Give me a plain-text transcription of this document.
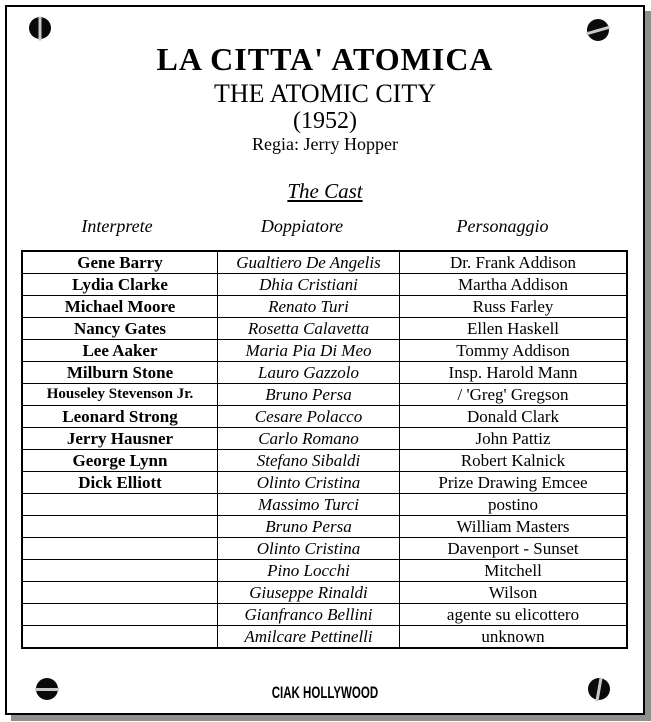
LA CITTA' ATOMICA
THE ATOMIC CITY
(1952)
Regia: Jerry Hopper
The Cast
Interprete	Doppiatore	Personaggio
Gene Barry	Gualtiero De Angelis	Dr. Frank Addison
Lydia Clarke	Dhia Cristiani	Martha Addison
Michael Moore	Renato Turi	Russ Farley
Nancy Gates	Rosetta Calavetta	Ellen Haskell
Lee Aaker	Maria Pia Di Meo	Tommy Addison
Milburn Stone	Lauro Gazzolo	Insp. Harold Mann
Houseley Stevenson Jr.	Bruno Persa	/ 'Greg' Gregson
Leonard Strong	Cesare Polacco	Donald Clark
Jerry Hausner	Carlo Romano	John Pattiz
George Lynn	Stefano Sibaldi	Robert Kalnick
Dick Elliott	Olinto Cristina	Prize Drawing Emcee
	Massimo Turci	postino
	Bruno Persa	William Masters
	Olinto Cristina	Davenport - Sunset
	Pino Locchi	Mitchell
	Giuseppe Rinaldi	Wilson
	Gianfranco Bellini	agente su elicottero
	Amilcare Pettinelli	unknown
CIAK HOLLYWOOD
